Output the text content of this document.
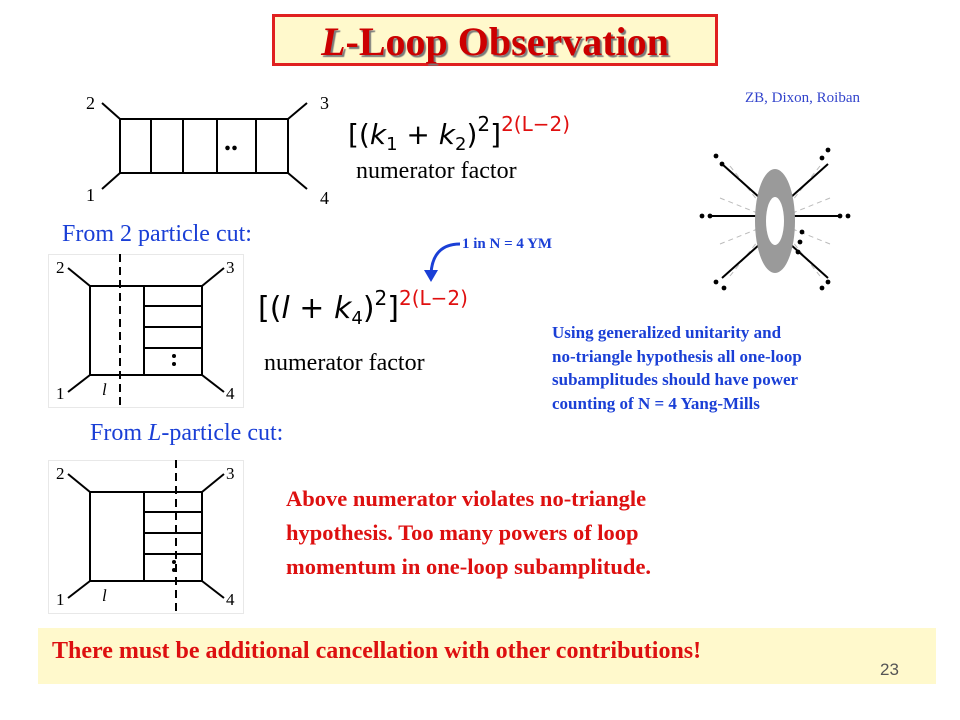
L-Loop Observation
ZB, Dixon, Roiban
2	3
1	4
..	$[(k_1 + k_2)^2]^{2(L-2)}$
numerator factor
From 2 particle cut:	1 in N = 4 YM
$[(l + k_4)^2]^{2(L-2)}$
numerator factor
2	3
1	4
l
From L-particle cut:
2	3
1	4
l
Using generalized unitarity and
no-triangle hypothesis all one-loop
subamplitudes should have power
counting of N = 4 Yang-Mills
Above numerator violates no-triangle
hypothesis. Too many powers of loop
momentum in one-loop subamplitude.
There must be additional cancellation with other contributions!
23
